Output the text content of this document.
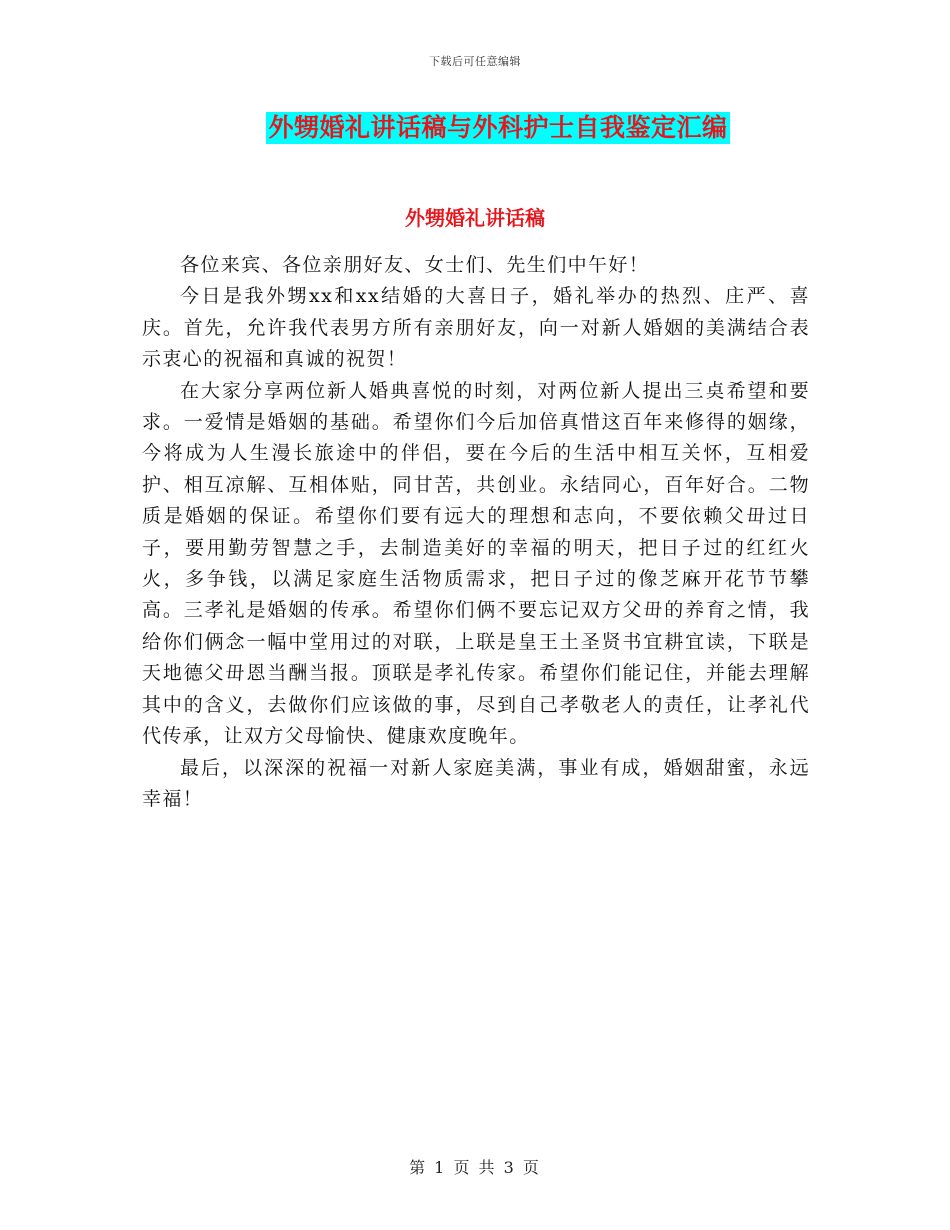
下载后可任意编辑
外甥婚礼讲话稿与外科护士自我鉴定汇编
外甥婚礼讲话稿

各位来宾、各位亲朋好友、女士们、先生们中午好！

今日是我外甥xx和xx结婚的大喜日子，婚礼举办的热烈、庄严、喜庆。首先，允许我代表男方所有亲朋好友，向一对新人婚姻的美满结合表示衷心的祝福和真诚的祝贺！

在大家分享两位新人婚典喜悦的时刻，对两位新人提出三奌希望和要求。一爱情是婚姻的基础。希望你们今后加倍真惜这百年来修得的姻缘，今将成为人生漫长旅途中的伴侣，要在今后的生活中相互关怀，互相爱护、相互凉解、互相体贴，同甘苦，共创业。永结同心，百年好合。二物质是婚姻的保证。希望你们要有远大的理想和志向，不要依赖父毌过日子，要用勤劳智慧之手，去制造美好的幸福的明天，把日子过的红红火火，多争钱，以满足家庭生活物质需求，把日子过的像芝麻开花节节攀高。三孝礼是婚姻的传承。希望你们俩不要忘记双方父毌的养育之情，我给你们俩念一幅中堂用过的对联，上联是皇王土圣贤书宜耕宜读，下联是天地德父毌恩当酬当报。顶联是孝礼传家。希望你们能记住，并能去理解其中的含义，去做你们应该做的事，尽到自己孝敬老人的责任，让孝礼代代传承，让双方父母愉快、健康欢度晚年。

最后，以深深的祝福一对新人家庭美满，事业有成，婚姻甜蜜，永远幸福！

第 1 页 共 3 页
